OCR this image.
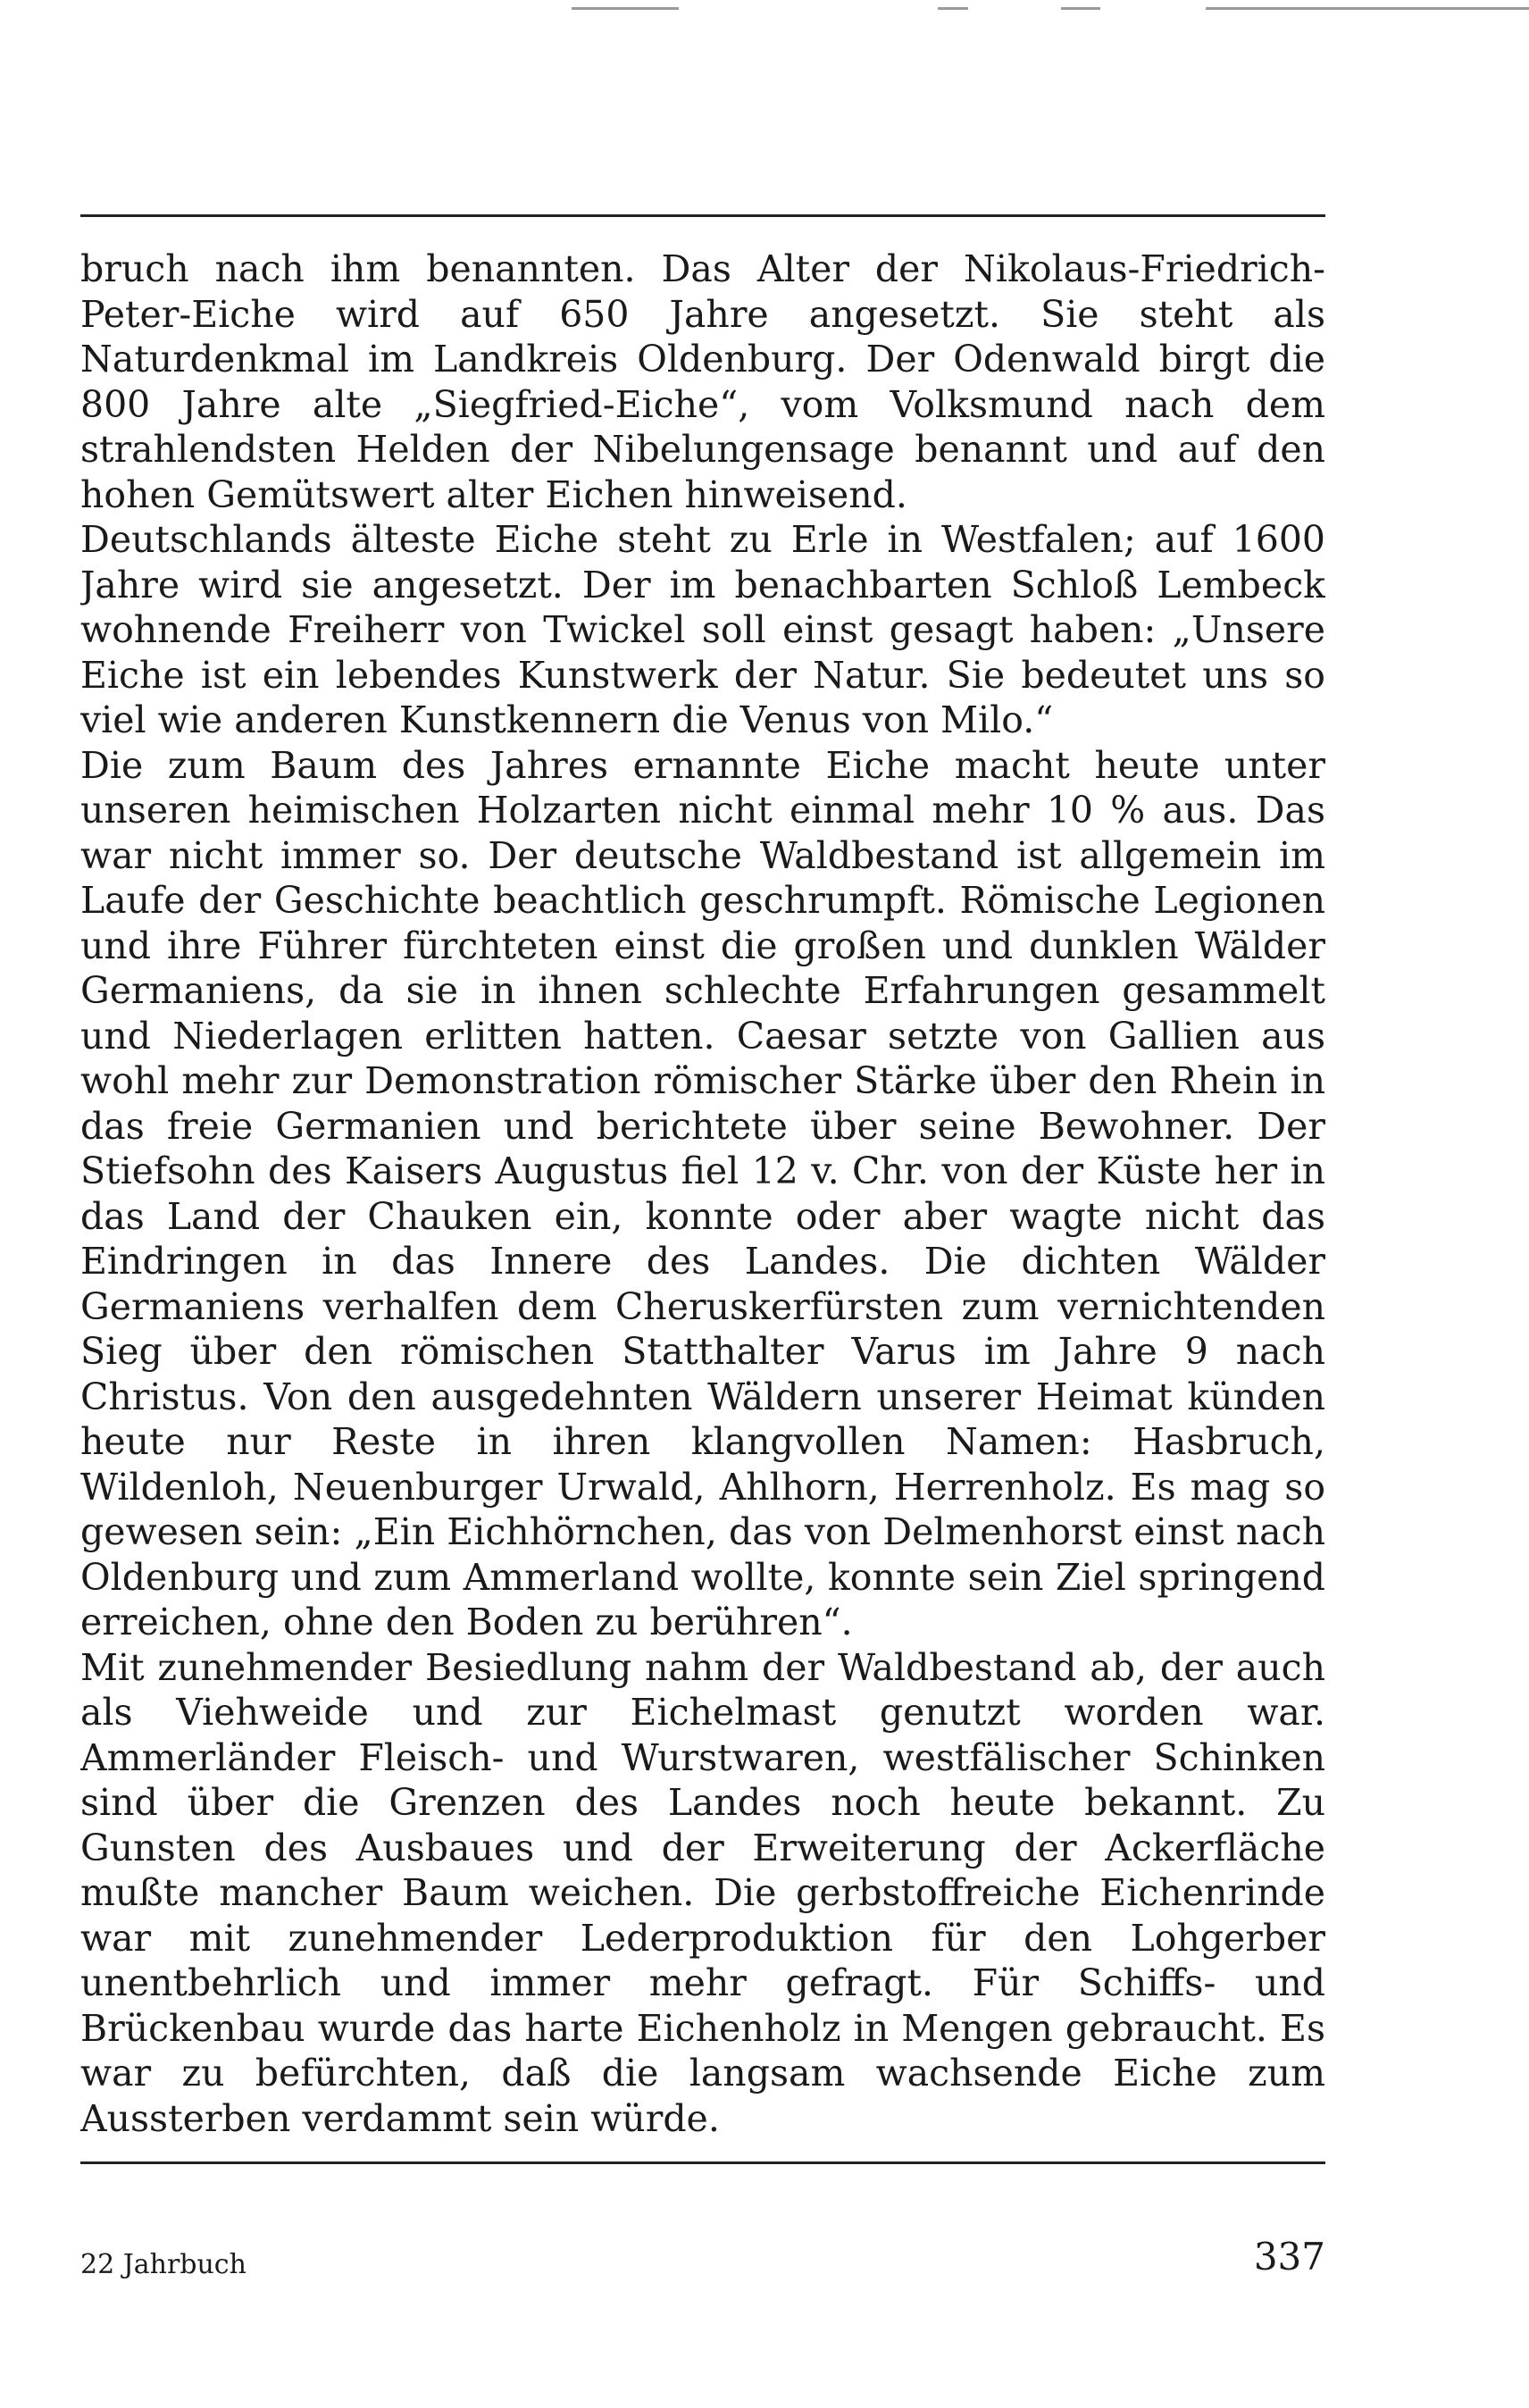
bruch nach ihm benannten. Das Alter der Nikolaus-Friedrich-Peter-Eiche wird auf 650 Jahre angesetzt. Sie steht als Naturdenkmal im Landkreis Oldenburg. Der Odenwald birgt die 800 Jahre alte „Siegfried-Eiche“, vom Volksmund nach dem strahlendsten Helden der Nibelungensage benannt und auf den hohen Gemütswert alter Eichen hinweisend.

Deutschlands älteste Eiche steht zu Erle in Westfalen; auf 1600 Jahre wird sie angesetzt. Der im benachbarten Schloß Lembeck wohnende Freiherr von Twickel soll einst gesagt haben: „Unsere Eiche ist ein lebendes Kunstwerk der Natur. Sie bedeutet uns so viel wie anderen Kunstkennern die Venus von Milo.“

Die zum Baum des Jahres ernannte Eiche macht heute unter unseren heimischen Holzarten nicht einmal mehr 10 % aus. Das war nicht immer so. Der deutsche Waldbestand ist allgemein im Laufe der Geschichte beachtlich geschrumpft. Römische Legionen und ihre Führer fürchteten einst die großen und dunklen Wälder Germaniens, da sie in ihnen schlechte Erfahrungen gesammelt und Niederlagen erlitten hatten. Caesar setzte von Gallien aus wohl mehr zur Demonstration römischer Stärke über den Rhein in das freie Germanien und berichtete über seine Bewohner. Der Stiefsohn des Kaisers Augustus fiel 12 v. Chr. von der Küste her in das Land der Chauken ein, konnte oder aber wagte nicht das Eindringen in das Innere des Landes. Die dichten Wälder Germaniens verhalfen dem Cheruskerfürsten zum vernichtenden Sieg über den römischen Statthalter Varus im Jahre 9 nach Christus. Von den ausgedehnten Wäldern unserer Heimat künden heute nur Reste in ihren klangvollen Namen: Hasbruch, Wildenloh, Neuenburger Urwald, Ahlhorn, Herrenholz. Es mag so gewesen sein: „Ein Eichhörnchen, das von Delmenhorst einst nach Oldenburg und zum Ammerland wollte, konnte sein Ziel springend erreichen, ohne den Boden zu berühren“.

Mit zunehmender Besiedlung nahm der Waldbestand ab, der auch als Viehweide und zur Eichelmast genutzt worden war. Ammerländer Fleisch- und Wurstwaren, westfälischer Schinken sind über die Grenzen des Landes noch heute bekannt. Zu Gunsten des Ausbaues und der Erweiterung der Ackerfläche mußte mancher Baum weichen. Die gerbstoffreiche Eichenrinde war mit zunehmender Lederproduktion für den Lohgerber unentbehrlich und immer mehr gefragt. Für Schiffs- und Brückenbau wurde das harte Eichenholz in Mengen gebraucht. Es war zu befürchten, daß die langsam wachsende Eiche zum Aussterben verdammt sein würde.

22 Jahrbuch	337
